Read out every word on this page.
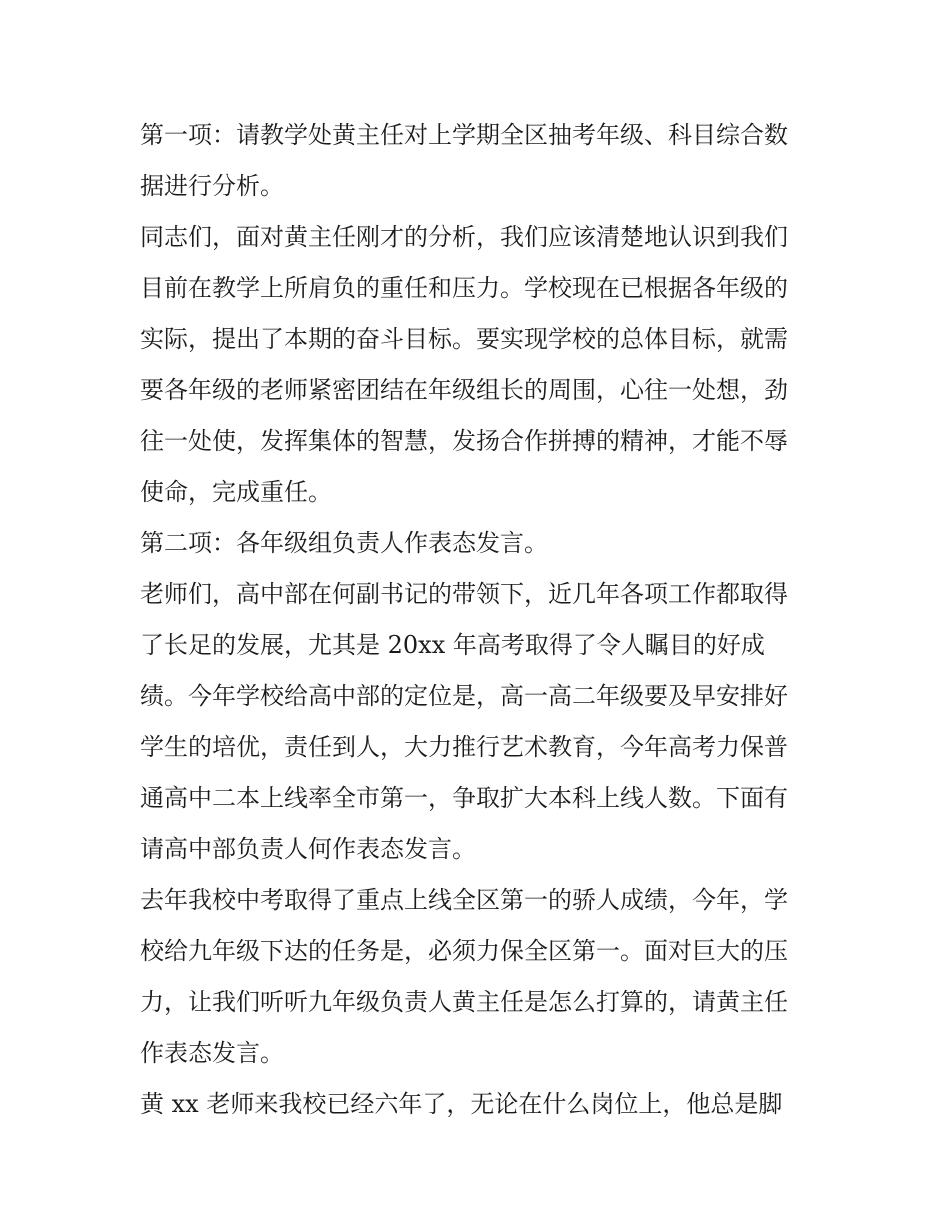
第一项：请教学处黄主任对上学期全区抽考年级、科目综合数
据进行分析。
同志们，面对黄主任刚才的分析，我们应该清楚地认识到我们
目前在教学上所肩负的重任和压力。学校现在已根据各年级的
实际，提出了本期的奋斗目标。要实现学校的总体目标，就需
要各年级的老师紧密团结在年级组长的周围，心往一处想，劲
往一处使，发挥集体的智慧，发扬合作拼搏的精神，才能不辱
使命，完成重任。
第二项：各年级组负责人作表态发言。
老师们，高中部在何副书记的带领下，近几年各项工作都取得
了长足的发展，尤其是 20xx 年高考取得了令人瞩目的好成
绩。今年学校给高中部的定位是，高一高二年级要及早安排好
学生的培优，责任到人，大力推行艺术教育，今年高考力保普
通高中二本上线率全市第一，争取扩大本科上线人数。下面有
请高中部负责人何作表态发言。
去年我校中考取得了重点上线全区第一的骄人成绩，今年，学
校给九年级下达的任务是，必须力保全区第一。面对巨大的压
力，让我们听听九年级负责人黄主任是怎么打算的，请黄主任
作表态发言。
黄 xx 老师来我校已经六年了，无论在什么岗位上，他总是脚
